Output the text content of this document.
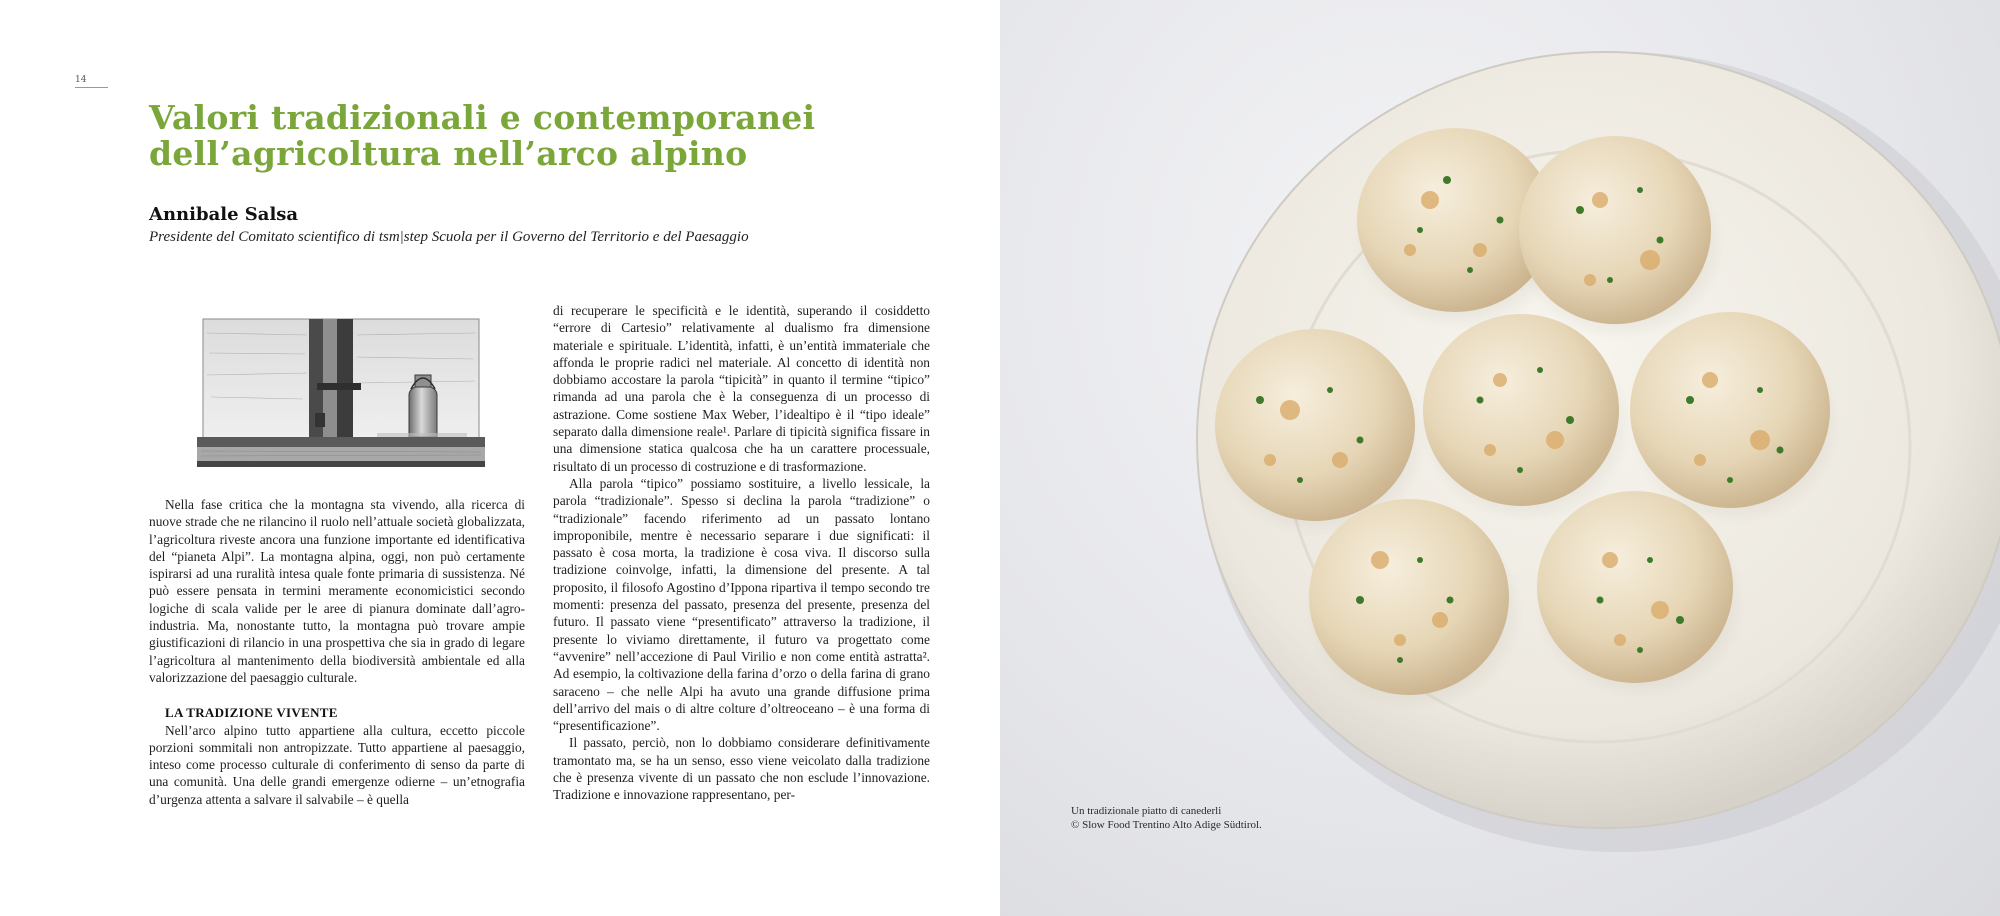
14
Valori tradizionali e contemporanei
dell’agricoltura nell’arco alpino
Annibale Salsa

Presidente del Comitato scientifico di tsm|step Scuola per il Governo del Territorio e del Paesaggio

Nella fase critica che la montagna sta vivendo, alla ricerca di nuove strade che ne rilancino il ruolo nell’attuale società globalizzata, l’agricoltura riveste ancora una funzione importante ed identificativa del “pianeta Alpi”. La montagna alpina, oggi, non può certamente ispirarsi ad una ruralità intesa quale fonte primaria di sussistenza. Né può essere pensata in termini meramente economicistici secondo logiche di scala valide per le aree di pianura dominate dall’agro-industria. Ma, nonostante tutto, la montagna può trovare ampie giustificazioni di rilancio in una prospettiva che sia in grado di legare l’agricoltura al mantenimento della biodiversità ambientale ed alla valorizzazione del paesaggio culturale.

LA TRADIZIONE VIVENTE

Nell’arco alpino tutto appartiene alla cultura, eccetto piccole porzioni sommitali non antropizzate. Tutto appartiene al paesaggio, inteso come processo culturale di conferimento di senso da parte di una comunità. Una delle grandi emergenze odierne – un’etnografia d’urgenza attenta a salvare il salvabile – è quella

di recuperare le specificità e le identità, superando il cosiddetto “errore di Cartesio” relativamente al dualismo fra dimensione materiale e spirituale. L’identità, infatti, è un’entità immateriale che affonda le proprie radici nel materiale. Al concetto di identità non dobbiamo accostare la parola “tipicità” in quanto il termine “tipico” rimanda ad una parola che è la conseguenza di un processo di astrazione. Come sostiene Max Weber, l’idealtipo è il “tipo ideale” separato dalla dimensione reale¹. Parlare di tipicità significa fissare in una dimensione statica qualcosa che ha un carattere processuale, risultato di un processo di costruzione e di trasformazione.

Alla parola “tipico” possiamo sostituire, a livello lessicale, la parola “tradizionale”. Spesso si declina la parola “tradizione” o “tradizionale” facendo riferimento ad un passato lontano improponibile, mentre è necessario separare i due significati: il passato è cosa morta, la tradizione è cosa viva. Il discorso sulla tradizione coinvolge, infatti, la dimensione del presente. A tal proposito, il filosofo Agostino d’Ippona ripartiva il tempo secondo tre momenti: presenza del passato, presenza del presente, presenza del futuro. Il passato viene “presentificato” attraverso la tradizione, il presente lo viviamo direttamente, il futuro va progettato come “avvenire” nell’accezione di Paul Virilio e non come entità astratta². Ad esempio, la coltivazione della farina d’orzo o della farina di grano saraceno – che nelle Alpi ha avuto una grande diffusione prima dell’arrivo del mais o di altre colture d’oltreoceano – è una forma di “presentificazione”.

Il passato, perciò, non lo dobbiamo considerare definitivamente tramontato ma, se ha un senso, esso viene veicolato dalla tradizione che è presenza vivente di un passato che non esclude l’innovazione. Tradizione e innovazione rappresentano, per-

Un tradizionale piatto di canederli
© Slow Food Trentino Alto Adige Südtirol.
